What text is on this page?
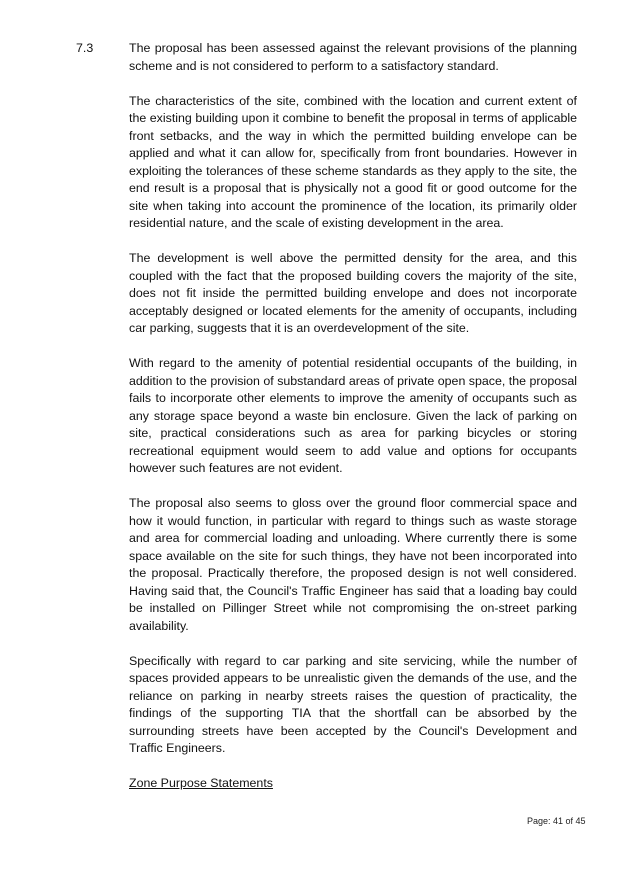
7.3	The proposal has been assessed against the relevant provisions of the planning scheme and is not considered to perform to a satisfactory standard.

The characteristics of the site, combined with the location and current extent of the existing building upon it combine to benefit the proposal in terms of applicable front setbacks, and the way in which the permitted building envelope can be applied and what it can allow for, specifically from front boundaries. However in exploiting the tolerances of these scheme standards as they apply to the site, the end result is a proposal that is physically not a good fit or good outcome for the site when taking into account the prominence of the location, its primarily older residential nature, and the scale of existing development in the area.

The development is well above the permitted density for the area, and this coupled with the fact that the proposed building covers the majority of the site, does not fit inside the permitted building envelope and does not incorporate acceptably designed or located elements for the amenity of occupants, including car parking, suggests that it is an overdevelopment of the site.

With regard to the amenity of potential residential occupants of the building, in addition to the provision of substandard areas of private open space, the proposal fails to incorporate other elements to improve the amenity of occupants such as any storage space beyond a waste bin enclosure. Given the lack of parking on site, practical considerations such as area for parking bicycles or storing recreational equipment would seem to add value and options for occupants however such features are not evident.

The proposal also seems to gloss over the ground floor commercial space and how it would function, in particular with regard to things such as waste storage and area for commercial loading and unloading. Where currently there is some space available on the site for such things, they have not been incorporated into the proposal. Practically therefore, the proposed design is not well considered. Having said that, the Council's Traffic Engineer has said that a loading bay could be installed on Pillinger Street while not compromising the on-street parking availability.

Specifically with regard to car parking and site servicing, while the number of spaces provided appears to be unrealistic given the demands of the use, and the reliance on parking in nearby streets raises the question of practicality, the findings of the supporting TIA that the shortfall can be absorbed by the surrounding streets have been accepted by the Council's Development and Traffic Engineers.

Zone Purpose Statements

Page: 41 of 45
